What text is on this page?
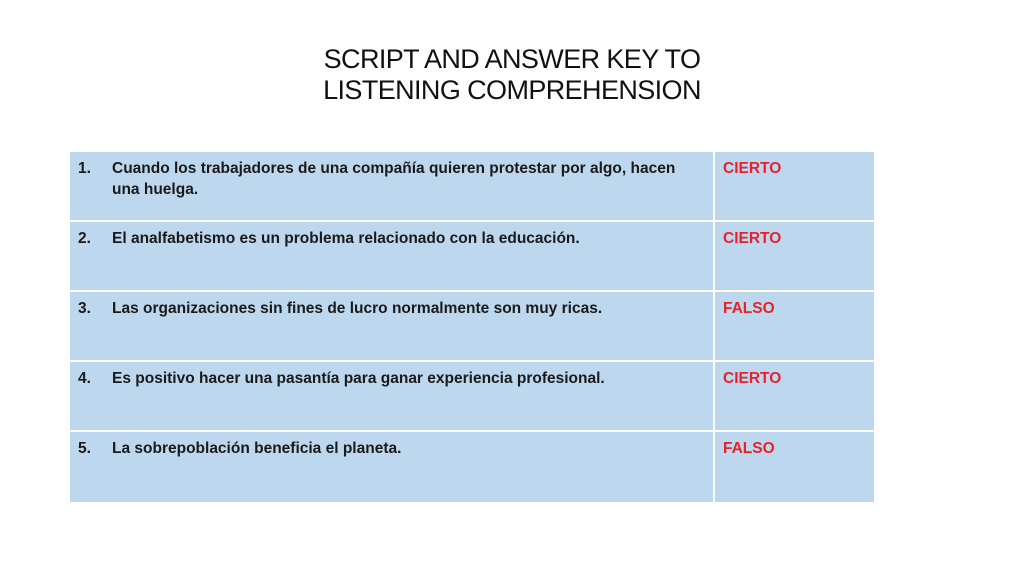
SCRIPT AND ANSWER KEY TO
LISTENING COMPREHENSION
1. Cuando los trabajadores de una compañía quieren protestar por algo, hacen una huelga.	CIERTO

2. El analfabetismo es un problema relacionado con la educación.	CIERTO

3. Las organizaciones sin fines de lucro normalmente son muy ricas.	FALSO

4. Es positivo hacer una pasantía para ganar experiencia profesional.	CIERTO

5. La sobrepoblación beneficia el planeta.	FALSO
